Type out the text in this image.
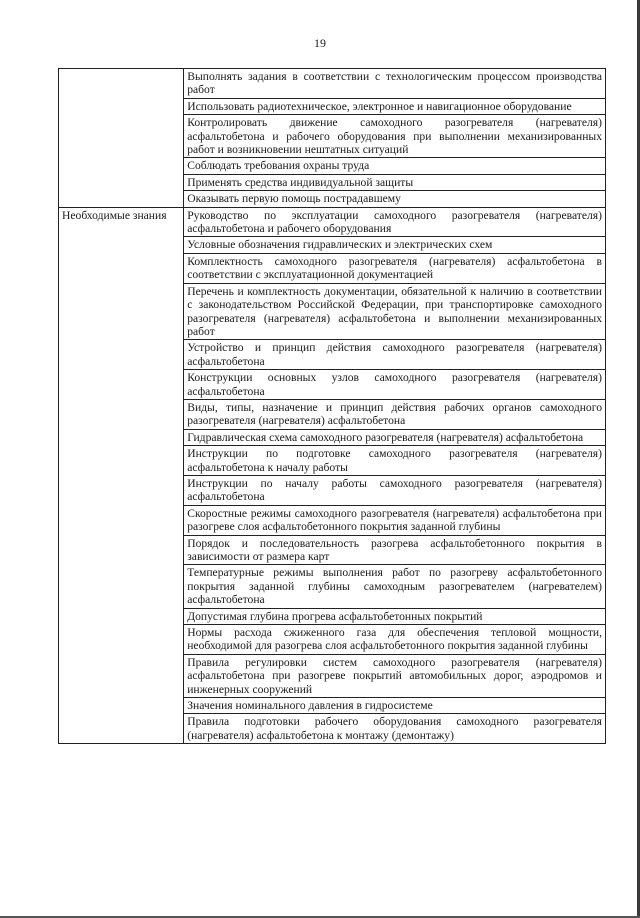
19
	Выполнять задания в соответствии с технологическим процессом производства работ
	Использовать радиотехническое, электронное и навигационное оборудование
	Контролировать движение самоходного разогревателя (нагревателя) асфальтобетона и рабочего оборудования при выполнении механизированных работ и возникновении нештатных ситуаций
	Соблюдать требования охраны труда
	Применять средства индивидуальной защиты
	Оказывать первую помощь пострадавшему
Необходимые знания	Руководство по эксплуатации самоходного разогревателя (нагревателя) асфальтобетона и рабочего оборудования
	Условные обозначения гидравлических и электрических схем
	Комплектность самоходного разогревателя (нагревателя) асфальтобетона в соответствии с эксплуатационной документацией
	Перечень и комплектность документации, обязательной к наличию в соответствии с законодательством Российской Федерации, при транспортировке самоходного разогревателя (нагревателя) асфальтобетона и выполнении механизированных работ
	Устройство и принцип действия самоходного разогревателя (нагревателя) асфальтобетона
	Конструкции основных узлов самоходного разогревателя (нагревателя) асфальтобетона
	Виды, типы, назначение и принцип действия рабочих органов самоходного разогревателя (нагревателя) асфальтобетона
	Гидравлическая схема самоходного разогревателя (нагревателя) асфальтобетона
	Инструкции по подготовке самоходного разогревателя (нагревателя) асфальтобетона к началу работы
	Инструкции по началу работы самоходного разогревателя (нагревателя) асфальтобетона
	Скоростные режимы самоходного разогревателя (нагревателя) асфальтобетона при разогреве слоя асфальтобетонного покрытия заданной глубины
	Порядок и последовательность разогрева асфальтобетонного покрытия в зависимости от размера карт
	Температурные режимы выполнения работ по разогреву асфальтобетонного покрытия заданной глубины самоходным разогревателем (нагревателем) асфальтобетона
	Допустимая глубина прогрева асфальтобетонных покрытий
	Нормы расхода сжиженного газа для обеспечения тепловой мощности, необходимой для разогрева слоя асфальтобетонного покрытия заданной глубины
	Правила регулировки систем самоходного разогревателя (нагревателя) асфальтобетона при разогреве покрытий автомобильных дорог, аэродромов и инженерных сооружений
	Значения номинального давления в гидросистеме
	Правила подготовки рабочего оборудования самоходного разогревателя (нагревателя) асфальтобетона к монтажу (демонтажу)
